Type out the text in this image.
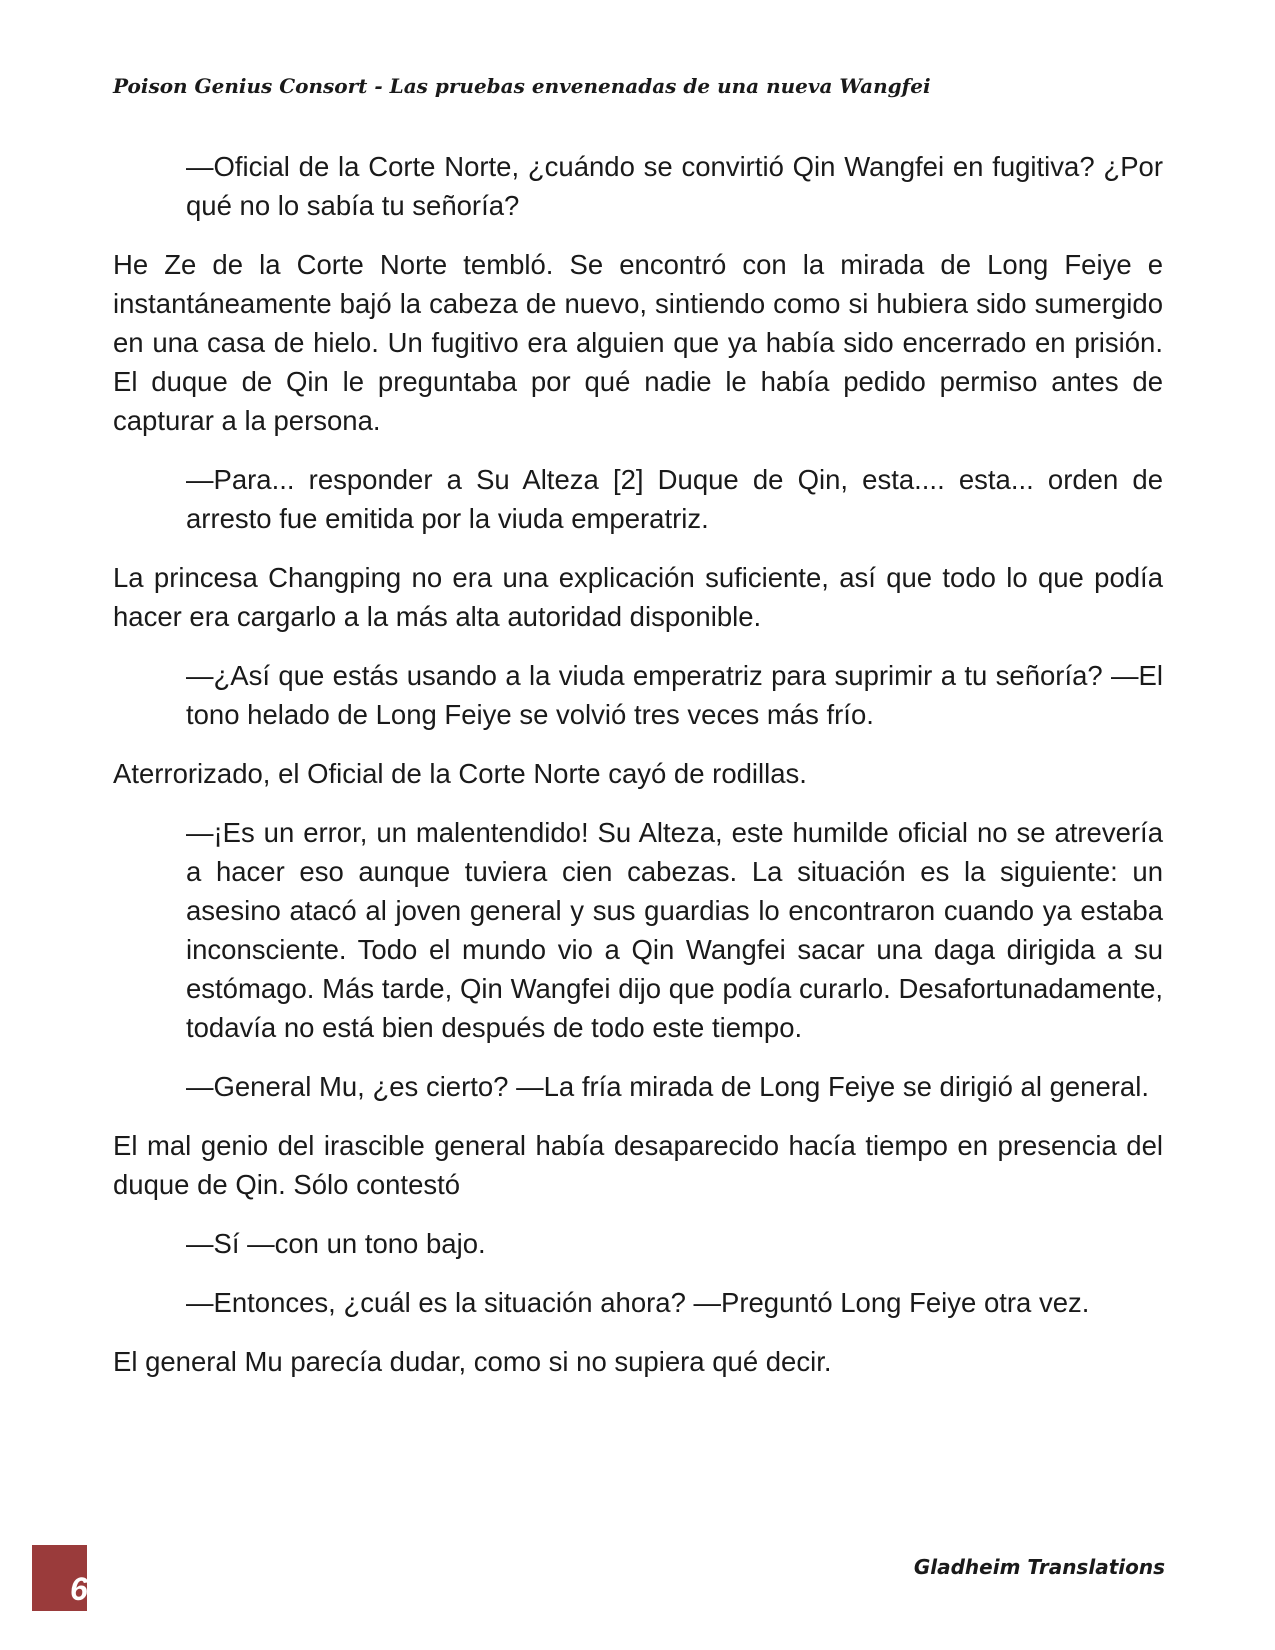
Poison Genius Consort - Las pruebas envenenadas de una nueva Wangfei

—Oficial de la Corte Norte, ¿cuándo se convirtió Qin Wangfei en fugitiva? ¿Por qué no lo sabía tu señoría?

He Ze de la Corte Norte tembló. Se encontró con la mirada de Long Feiye e instantáneamente bajó la cabeza de nuevo, sintiendo como si hubiera sido sumergido en una casa de hielo. Un fugitivo era alguien que ya había sido encerrado en prisión. El duque de Qin le preguntaba por qué nadie le había pedido permiso antes de capturar a la persona.

—Para... responder a Su Alteza [2] Duque de Qin, esta.... esta... orden de arresto fue emitida por la viuda emperatriz.

La princesa Changping no era una explicación suficiente, así que todo lo que podía hacer era cargarlo a la más alta autoridad disponible.

—¿Así que estás usando a la viuda emperatriz para suprimir a tu señoría? —El tono helado de Long Feiye se volvió tres veces más frío.

Aterrorizado, el Oficial de la Corte Norte cayó de rodillas.

—¡Es un error, un malentendido! Su Alteza, este humilde oficial no se atrevería a hacer eso aunque tuviera cien cabezas. La situación es la siguiente: un asesino atacó al joven general y sus guardias lo encontraron cuando ya estaba inconsciente. Todo el mundo vio a Qin Wangfei sacar una daga dirigida a su estómago. Más tarde, Qin Wangfei dijo que podía curarlo. Desafortunadamente, todavía no está bien después de todo este tiempo.

—General Mu, ¿es cierto? —La fría mirada de Long Feiye se dirigió al general.

El mal genio del irascible general había desaparecido hacía tiempo en presencia del duque de Qin. Sólo contestó

—Sí —con un tono bajo.

—Entonces, ¿cuál es la situación ahora? —Preguntó Long Feiye otra vez.

El general Mu parecía dudar, como si no supiera qué decir.

6
Gladheim Translations
